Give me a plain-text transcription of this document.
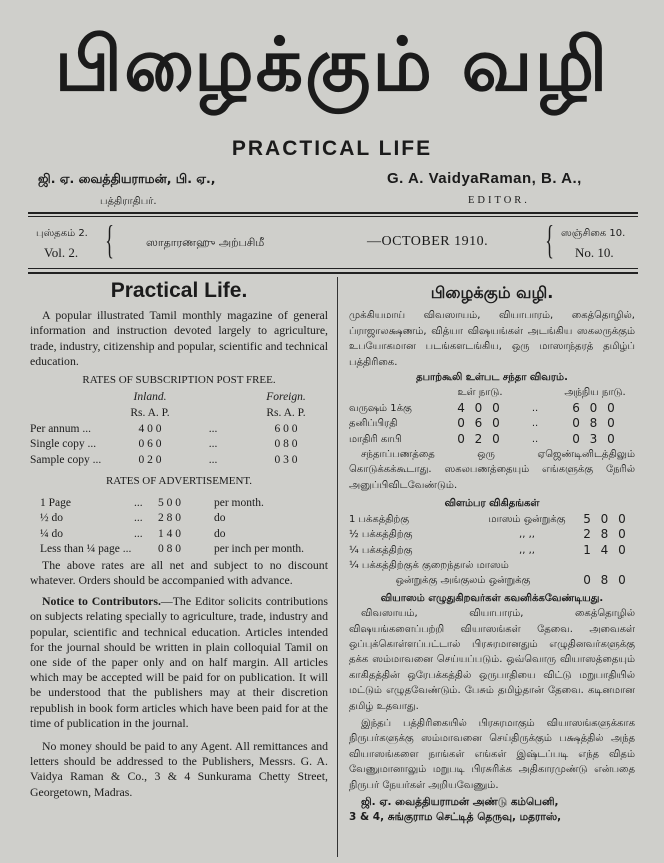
பிழைக்கும் வழி
PRACTICAL LIFE
ஜி. ஏ. வைத்தியராமன், பி. ஏ.,
பத்திராதிபர்.
G. A. VaidyaRaman, B. A.,
EDITOR.
புஸ்தகம் 2.
Vol. 2. {	ஸாதாரணஹு அற்பசிமீ	—OCTOBER 1910. { ஸஞ்சிகை 10.
No. 10.
Practical Life.

A popular illustrated Tamil monthly magazine of general information and instruction devoted largely to agriculture, trade, industry, citizenship and popular, scientific and technical education.

RATES OF SUBSCRIPTION POST FREE.
	Inland.		Foreign.
	Rs. A. P.		Rs. A. P.
Per annum ...	4 0 0	...	6 0 0
Single copy ...	0 6 0	...	0 8 0
Sample copy ...	0 2 0	...	0 3 0
RATES OF ADVERTISEMENT.
1 Page	...	5 0 0	per month.
½ do	...	2 8 0	do
¼ do	...	1 4 0	do
Less than ¼ page ...		0 8 0	per inch per month.

The above rates are all net and subject to no discount whatever. Orders should be accompanied with advance.

Notice to Contributors.—The Editor solicits contributions on subjects relating specially to agriculture, trade, industry and popular, scientific and technical education. Articles intended for the journal should be written in plain colloquial Tamil on one side of the paper only and on half margin. All articles which may be accepted will be paid for on publication. It will be understood that the publishers may at their discretion republish in book form articles which have been paid for at the time of publication in the journal.

No money should be paid to any Agent. All remittances and letters should be addressed to the Publishers, Messrs. G. A. Vaidya Raman & Co., 3 & 4 Sunkurama Chetty Street, Georgetown, Madras.

பிழைக்கும் வழி.

முக்கியமாய் விவஸாயம், வியாபாரம், கைத்தொழில், ப்ராஜாலக்ஷணம், வித்யா விஷயங்கள் அடங்கிய ஸகலருக்கும் உபயோகமான படங்களடங்கிய, ஒரு மாஸாந்தரத் தமிழ்ப் பத்திரிகை.

தபாற்கூலி உள்பட சந்தா விவரம்.
	உள் நாடு.		அந்நிய நாடு.
வருஷம் 1க்கு	4 0 0	..	6 0 0
தனிப்பிரதி	0 6 0	..	0 8 0
மாதிரி காபி	0 2 0	..	0 3 0

சந்தாப்பணத்தை ஒரு ஏஜெண்டினிடத்திலும் கொடுக்கக்கூடாது. ஸகலபணத்தையும் எங்களுக்கு நேரில் அனுப்பிவிடவேண்டும்.

விளம்பர விகிதங்கள்
1 பக்கத்திற்கு	மாஸம் ஒன்றுக்கு	5 0 0
½ பக்கத்திற்கு	,, ,,	2 8 0
¼ பக்கத்திற்கு	,, ,,	1 4 0
¼ பக்கத்திற்குக் குறைந்தால் மாஸம்		
ஒன்றுக்கு அங்குலம் ஒன்றுக்கு		0 8 0
வியாஸம் எழுதுகிறவர்கள் கவனிக்கவேண்டியது.

விவஸாயம், வியாபாரம், கைத்தொழில் விஷயங்களைப்பற்றி வியாஸங்கள் தேவை. அவைகள் ஒப்புக்கொள்ளப்பட்டால் பிரசுரமானதும் எழுதினவர்களுக்கு தக்க ஸம்மாவனை செய்யப்படும். ஒவ்வொரு வியாஸத்தையும் காகிதத்தின் ஒரேபக்கத்தில் ஒருபாதியை விட்டு மறுபாதியில் மட்டும் எழுதவேண்டும். பேசும் தமிழ்தான் தேவை. கடினமான தமிழ் உதவாது.

இந்தப் பத்திரிகையில் பிரசுரமாகும் வியாஸங்களுக்காக நிருபர்களுக்கு ஸம்மாவனை செய்திருக்கும் பக்ஷத்தில் அந்த வியாஸங்களை நாங்கள் எங்கள் இஷ்டப்படி எந்த விதம் வேணுமானாலும் மறுபடி பிரசுரிக்க அதிகாரமுண்டு என்பதை நிருபர் நேயர்கள் அறியவேணும்.

ஜி. ஏ. வைத்தியராமன் அண்டு கம்பெனி,
3 & 4, சுங்குராம செட்டித் தெருவு, மதராஸ்,
